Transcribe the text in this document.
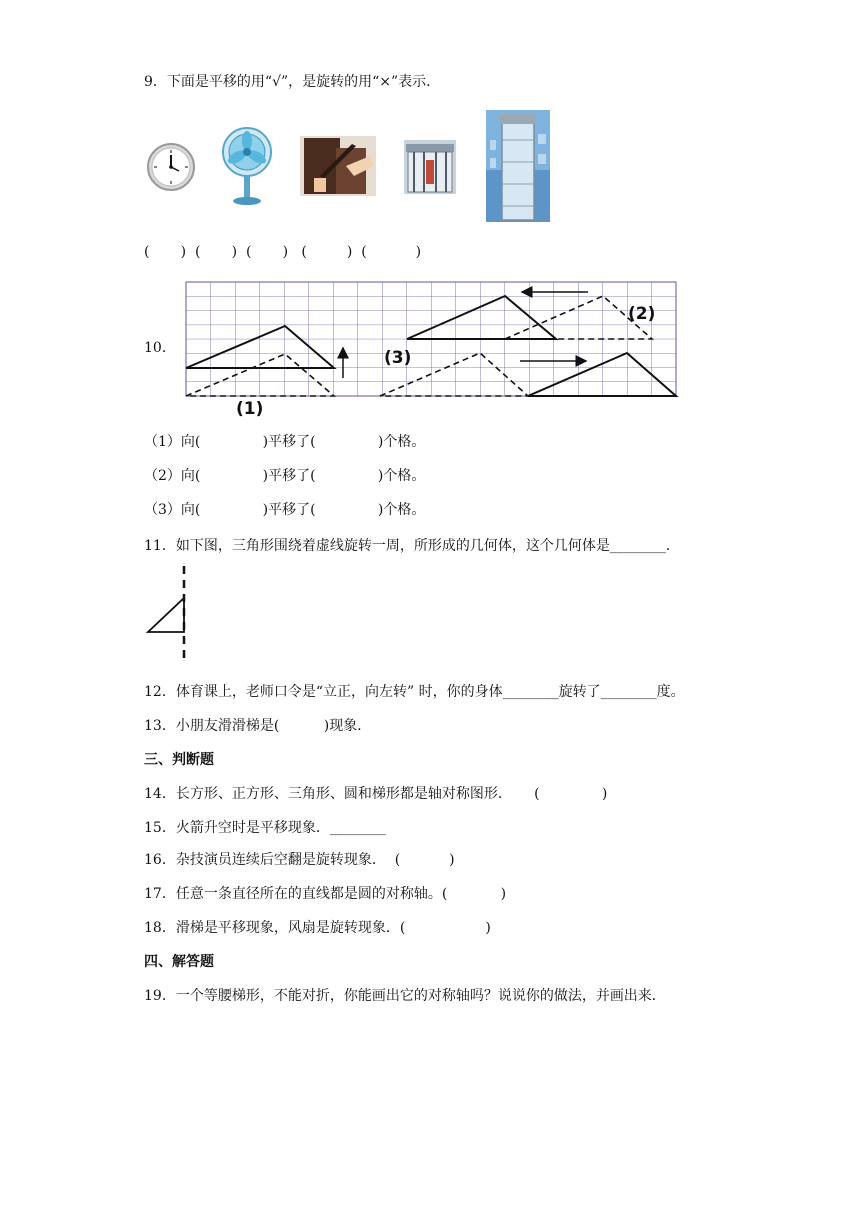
9．下面是平移的用“√”，是旋转的用“×”表示．
(       )  (       )  (       )   (         )  (           )
10．
(1)
(2)
(3)
（1）向(              )平移了(              )个格。
（2）向(              )平移了(              )个格。
（3）向(              )平移了(              )个格。
11．如下图，三角形围绕着虚线旋转一周，所形成的几何体，这个几何体是________．
12．体育课上，老师口令是“立正，向左转” 时，你的身体________旋转了________度。
13．小朋友滑滑梯是(          )现象．
三、判断题
14．长方形、正方形、三角形、圆和梯形都是轴对称图形．     (              )
15．火箭升空时是平移现象．________
16．杂技演员连续后空翻是旋转现象．  (           )
17．任意一条直径所在的直线都是圆的对称轴。(            )
18．滑梯是平移现象，风扇是旋转现象．(                  )
四、解答题
19．一个等腰梯形，不能对折，你能画出它的对称轴吗？说说你的做法，并画出来．
